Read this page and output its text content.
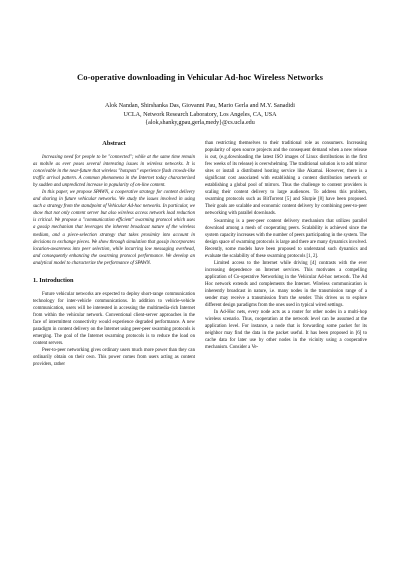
Co-operative downloading in Vehicular Ad-hoc Wireless Networks
Alok Nandan, Shirshanka Das, Giovanni Pau, Mario Gerla and M.Y. Sanadidi
UCLA, Network Research Laboratory, Los Angeles, CA, USA
{alok,shanky,gpau,gerla,medy}@cs.ucla.edu
Abstract

Increasing need for people to be "connected"; while at the same time remain as mobile as ever poses several interesting issues in wireless networks. It is conceivable in the near-future that wireless "hotspots" experience flash crowds-like traffic arrival pattern. A common phenomena in the Internet today characterized by sudden and unpredicted increase in popularity of on-line content.

In this paper, we propose SPAWN, a cooperative strategy for content delivery and sharing in future vehicular networks. We study the issues involved in using such a strategy from the standpoint of Vehicular Ad-hoc networks. In particular, we show that not only content server but also wireless access network load reduction is critical. We propose a "communication efficient" swarming protocol which uses a gossip mechanism that leverages the inherent broadcast nature of the wireless medium, and a piece-selection strategy that takes proximity into account in decisions to exchange pieces. We show through simulation that gossip incorporates location-awareness into peer selection, while incurring low messaging overhead, and consequently enhancing the swarming protocol performance. We develop an analytical model to characterize the performance of SPAWN.

1. Introduction

Future vehicular networks are expected to deploy short-range communication technology for inter-vehicle communications. In addition to vehicle-vehicle communication, users will be interested in accessing the multimedia-rich Internet from within the vehicular network. Conventional client-server approaches in the face of intermittent connectivity would experience degraded performance. A new paradigm in content delivery on the Internet using peer-peer swarming protocols is emerging. The goal of the Internet swarming protocols is to reduce the load on content servers.

Peer-to-peer networking gives ordinary users much more power than they can ordinarily obtain on their own. This power comes from users acting as content providers, rather

than restricting themselves to their traditional role as consumers. Increasing popularity of open source projects and the consequent demand when a new release is out, (e.g.downloading the latest ISO images of Linux distributions in the first few weeks of its release) is overwhelming. The traditional solution is to add mirror sites or install a distributed hosting service like Akamai. However, there is a significant cost associated with establishing a content distribution network or establishing a global pool of mirrors. Thus the challenge to content providers is scaling their content delivery to large audiences. To address this problem, swarming protocols such as BitTorrent [5] and Slurpie [8] have been proposed. Their goals are scalable and economic content delivery by combining peer-to-peer networking with parallel downloads.

Swarming is a peer-peer content delivery mechanism that utilizes parallel download among a mesh of cooperating peers. Scalability is achieved since the system capacity increases with the number of peers participating in the system. The design space of swarming protocols is large and there are many dynamics involved. Recently, some models have been proposed to understand such dynamics and evaluate the scalability of these swarming protocols [1, 2].

Limited access to the Internet while driving [4] contrasts with the ever increasing dependence on Internet services. This motivates a compelling application of Co-operative Networking in the Vehicular Ad-hoc network. The Ad Hoc network extends and complements the Internet. Wireless communication is inherently broadcast in nature, i.e. many nodes in the transmission range of a sender may receive a transmission from the sender. This drives us to explore different design paradigms from the ones used in typical wired settings.

In Ad-Hoc nets, every node acts as a router for other nodes in a multi-hop wireless scenario. Thus, cooperation at the network level can be assumed at the application level. For instance, a node that is forwarding some packet for its neighbor may find the data in the packet useful. It has been proposed in [6] to cache data for later use by other nodes in the vicinity using a cooperative mechanism. Consider a Ve-
